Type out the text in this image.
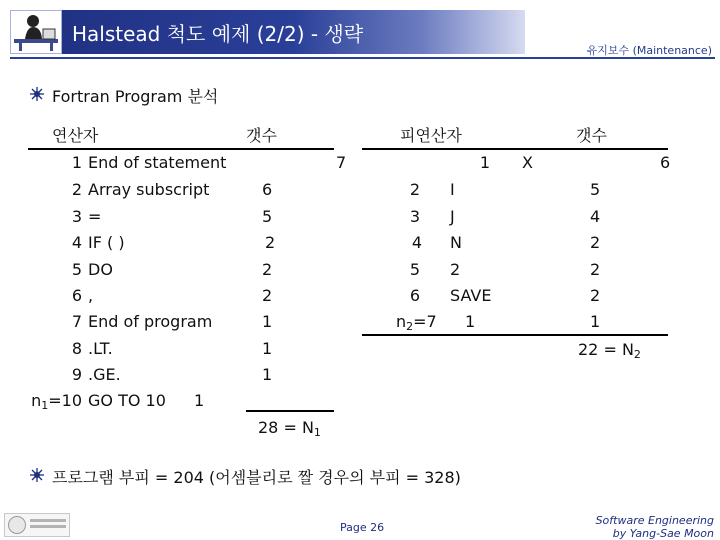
Halstead 척도 예제 (2/2) - 생략
유지보수 (Maintenance)
Fortran Program 분석
연산자	갯수
1 End of statement	7
2 Array subscript	6
3 =	5
4 IF ( )	2
5 DO	2
6 ,	2
7 End of program	1
8 .LT.	1
9 .GE.	1
$n_1=10$ GO TO 10 1
$28 = N_1$
피연산자	갯수
1 X	6
2 I	5
3 J	4
4 N	2
5 2	2
6 SAVE	2
$n_2=7$ 1	1
$22 = N_2$
프로그램 부피 = 204 (어셈블리로 짤 경우의 부피 = 328)
Page 26
Software Engineering
by Yang-Sae Moon
